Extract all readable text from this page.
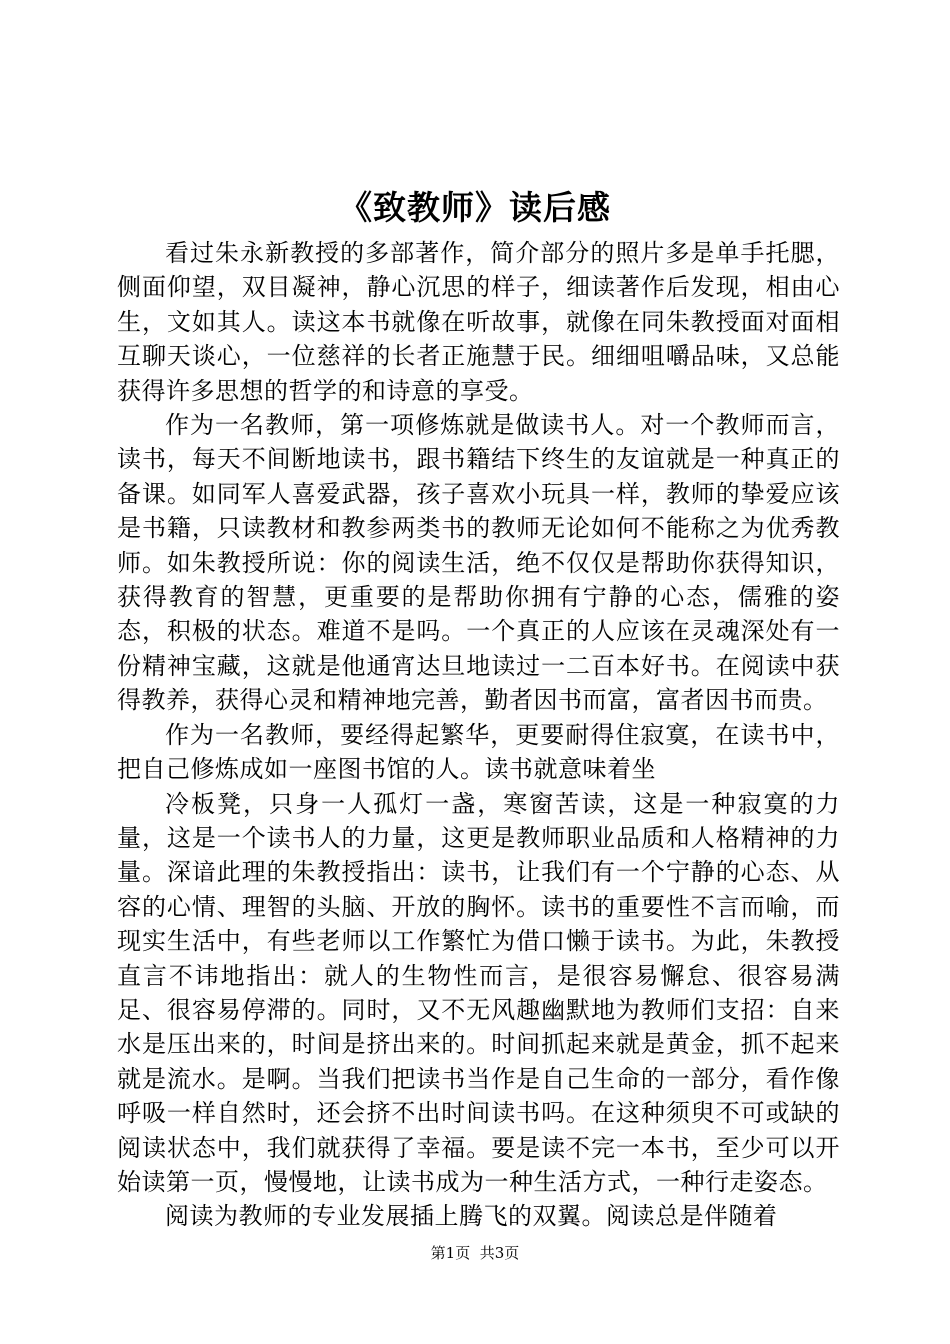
《致教师》读后感

看过朱永新教授的多部著作，简介部分的照片多是单手托腮，侧面仰望，双目凝神，静心沉思的样子，细读著作后发现，相由心生，文如其人。读这本书就像在听故事，就像在同朱教授面对面相互聊天谈心，一位慈祥的长者正施慧于民。细细咀嚼品味，又总能获得许多思想的哲学的和诗意的享受。

作为一名教师，第一项修炼就是做读书人。对一个教师而言，读书，每天不间断地读书，跟书籍结下终生的友谊就是一种真正的备课。如同军人喜爱武器，孩子喜欢小玩具一样，教师的挚爱应该是书籍，只读教材和教参两类书的教师无论如何不能称之为优秀教师。如朱教授所说：你的阅读生活，绝不仅仅是帮助你获得知识，获得教育的智慧，更重要的是帮助你拥有宁静的心态，儒雅的姿态，积极的状态。难道不是吗。一个真正的人应该在灵魂深处有一份精神宝藏，这就是他通宵达旦地读过一二百本好书。在阅读中获得教养，获得心灵和精神地完善，勤者因书而富，富者因书而贵。

作为一名教师，要经得起繁华，更要耐得住寂寞，在读书中，把自己修炼成如一座图书馆的人。读书就意味着坐

冷板凳，只身一人孤灯一盏，寒窗苦读，这是一种寂寞的力量，这是一个读书人的力量，这更是教师职业品质和人格精神的力量。深谙此理的朱教授指出：读书，让我们有一个宁静的心态、从容的心情、理智的头脑、开放的胸怀。读书的重要性不言而喻，而现实生活中，有些老师以工作繁忙为借口懒于读书。为此，朱教授直言不讳地指出：就人的生物性而言，是很容易懈怠、很容易满足、很容易停滞的。同时，又不无风趣幽默地为教师们支招：自来水是压出来的，时间是挤出来的。时间抓起来就是黄金，抓不起来就是流水。是啊。当我们把读书当作是自己生命的一部分，看作像呼吸一样自然时，还会挤不出时间读书吗。在这种须臾不可或缺的阅读状态中，我们就获得了幸福。要是读不完一本书，至少可以开始读第一页，慢慢地，让读书成为一种生活方式，一种行走姿态。

阅读为教师的专业发展插上腾飞的双翼。阅读总是伴随着

第1页 共3页
